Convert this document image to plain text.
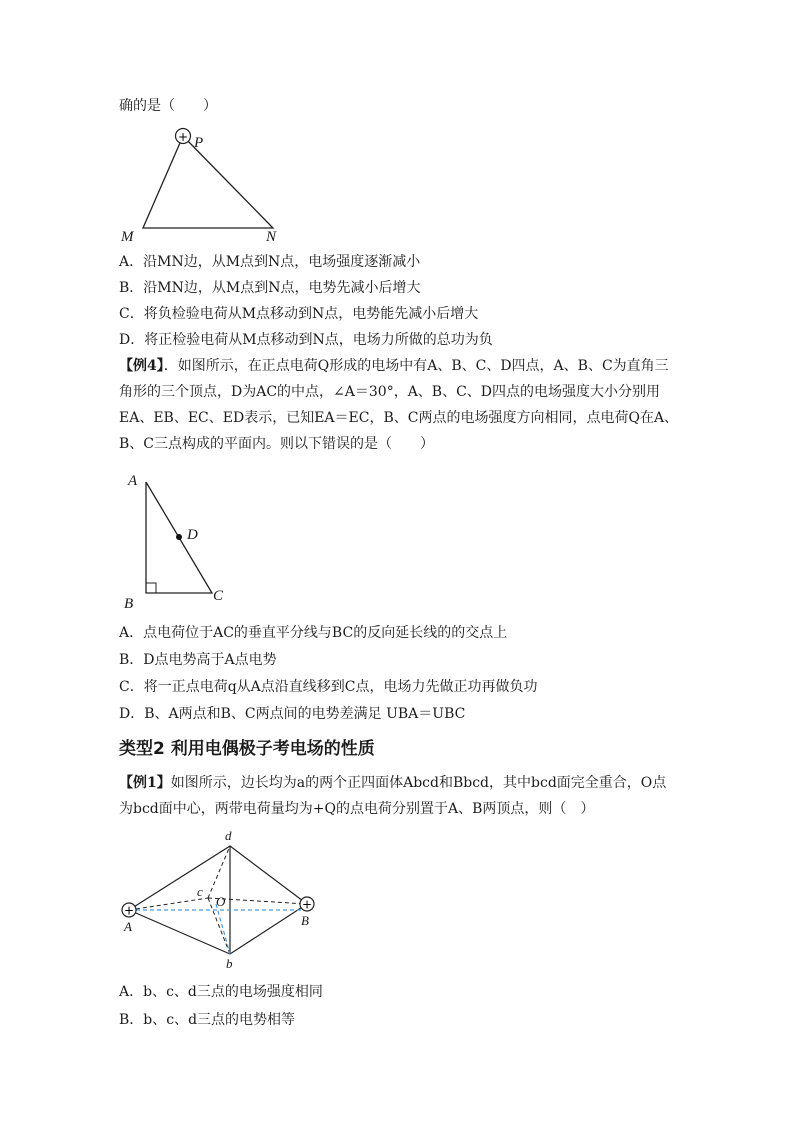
确的是（　　）
+ P
M	N
A．沿MN边，从M点到N点，电场强度逐渐减小
B．沿MN边，从M点到N点，电势先减小后增大
C．将负检验电荷从M点移动到N点，电势能先减小后增大
D．将正检验电荷从M点移动到N点，电场力所做的总功为负
【例4】．如图所示，在正点电荷Q形成的电场中有A、B、C、D四点，A、B、C为直角三角形的三个顶点，D为AC的中点，∠A＝30°，A、B、C、D四点的电场强度大小分别用EA、EB、EC、ED表示，已知EA＝EC，B、C两点的电场强度方向相同，点电荷Q在A、B、C三点构成的平面内。则以下错误的是（　　）
A
D
B	C
A．点电荷位于AC的垂直平分线与BC的反向延长线的的交点上
B．D点电势高于A点电势
C．将一正点电荷q从A点沿直线移到C点，电场力先做正功再做负功
D．B、A两点和B、C两点间的电势差满足 UBA＝UBC
类型2 利用电偶极子考电场的性质
【例1】如图所示，边长均为a的两个正四面体Abcd和Bbcd，其中bcd面完全重合，O点为bcd面中心，两带电荷量均为+Q的点电荷分别置于A、B两顶点，则（　）
+	+
d
c
O
A	B
b
A．b、c、d三点的电场强度相同
B．b、c、d三点的电势相等
